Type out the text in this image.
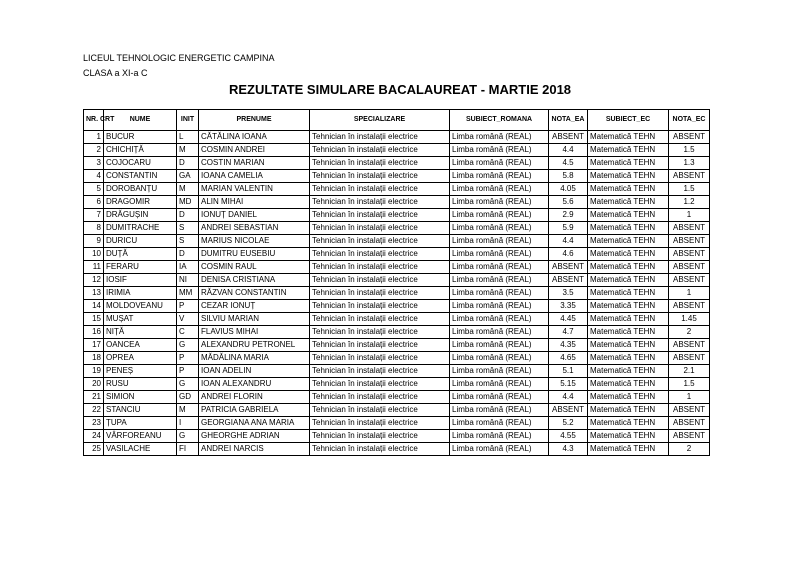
LICEUL TEHNOLOGIC ENERGETIC CAMPINA
CLASA a XI-a C
REZULTATE SIMULARE BACALAUREAT - MARTIE 2018
NR. CRT	NUME	INIT	PRENUME	SPECIALIZARE	SUBIECT_ROMANA	NOTA_EA	SUBIECT_EC	NOTA_EC
1	BUCUR	L	CĂTĂLINA IOANA	Tehnician în instalații electrice	Limba română (REAL)	ABSENT	Matematică TEHN	ABSENT
2	CHICHIȚĂ	M	COSMIN ANDREI	Tehnician în instalații electrice	Limba română (REAL)	4.4	Matematică TEHN	1.5
3	COJOCARU	D	COSTIN MARIAN	Tehnician în instalații electrice	Limba română (REAL)	4.5	Matematică TEHN	1.3
4	CONSTANTIN	GA	IOANA CAMELIA	Tehnician în instalații electrice	Limba română (REAL)	5.8	Matematică TEHN	ABSENT
5	DOROBANȚU	M	MARIAN VALENTIN	Tehnician în instalații electrice	Limba română (REAL)	4.05	Matematică TEHN	1.5
6	DRAGOMIR	MD	ALIN MIHAI	Tehnician în instalații electrice	Limba română (REAL)	5.6	Matematică TEHN	1.2
7	DRĂGUȘIN	D	IONUȚ DANIEL	Tehnician în instalații electrice	Limba română (REAL)	2.9	Matematică TEHN	1
8	DUMITRACHE	S	ANDREI SEBASTIAN	Tehnician în instalații electrice	Limba română (REAL)	5.9	Matematică TEHN	ABSENT
9	DURICU	S	MARIUS NICOLAE	Tehnician în instalații electrice	Limba română (REAL)	4.4	Matematică TEHN	ABSENT
10	DUȚĂ	D	DUMITRU EUSEBIU	Tehnician în instalații electrice	Limba română (REAL)	4.6	Matematică TEHN	ABSENT
11	FERARU	IA	COSMIN RAUL	Tehnician în instalații electrice	Limba română (REAL)	ABSENT	Matematică TEHN	ABSENT
12	IOSIF	NI	DENISA CRISTIANA	Tehnician în instalații electrice	Limba română (REAL)	ABSENT	Matematică TEHN	ABSENT
13	IRIMIA	MM	RĂZVAN CONSTANTIN	Tehnician în instalații electrice	Limba română (REAL)	3.5	Matematică TEHN	1
14	MOLDOVEANU	P	CEZAR IONUȚ	Tehnician în instalații electrice	Limba română (REAL)	3.35	Matematică TEHN	ABSENT
15	MUȘAT	V	SILVIU MARIAN	Tehnician în instalații electrice	Limba română (REAL)	4.45	Matematică TEHN	1.45
16	NIȚĂ	C	FLAVIUS MIHAI	Tehnician în instalații electrice	Limba română (REAL)	4.7	Matematică TEHN	2
17	OANCEA	G	ALEXANDRU PETRONEL	Tehnician în instalații electrice	Limba română (REAL)	4.35	Matematică TEHN	ABSENT
18	OPREA	P	MĂDĂLINA MARIA	Tehnician în instalații electrice	Limba română (REAL)	4.65	Matematică TEHN	ABSENT
19	PENEȘ	P	IOAN ADELIN	Tehnician în instalații electrice	Limba română (REAL)	5.1	Matematică TEHN	2.1
20	RUSU	G	IOAN ALEXANDRU	Tehnician în instalații electrice	Limba română (REAL)	5.15	Matematică TEHN	1.5
21	SIMION	GD	ANDREI FLORIN	Tehnician în instalații electrice	Limba română (REAL)	4.4	Matematică TEHN	1
22	STANCIU	M	PATRICIA GABRIELA	Tehnician în instalații electrice	Limba română (REAL)	ABSENT	Matematică TEHN	ABSENT
23	ȚUPA	I	GEORGIANA ANA MARIA	Tehnician în instalații electrice	Limba română (REAL)	5.2	Matematică TEHN	ABSENT
24	VÂRFOREANU	G	GHEORGHE ADRIAN	Tehnician în instalații electrice	Limba română (REAL)	4.55	Matematică TEHN	ABSENT
25	VASILACHE	FI	ANDREI NARCIS	Tehnician în instalații electrice	Limba română (REAL)	4.3	Matematică TEHN	2
